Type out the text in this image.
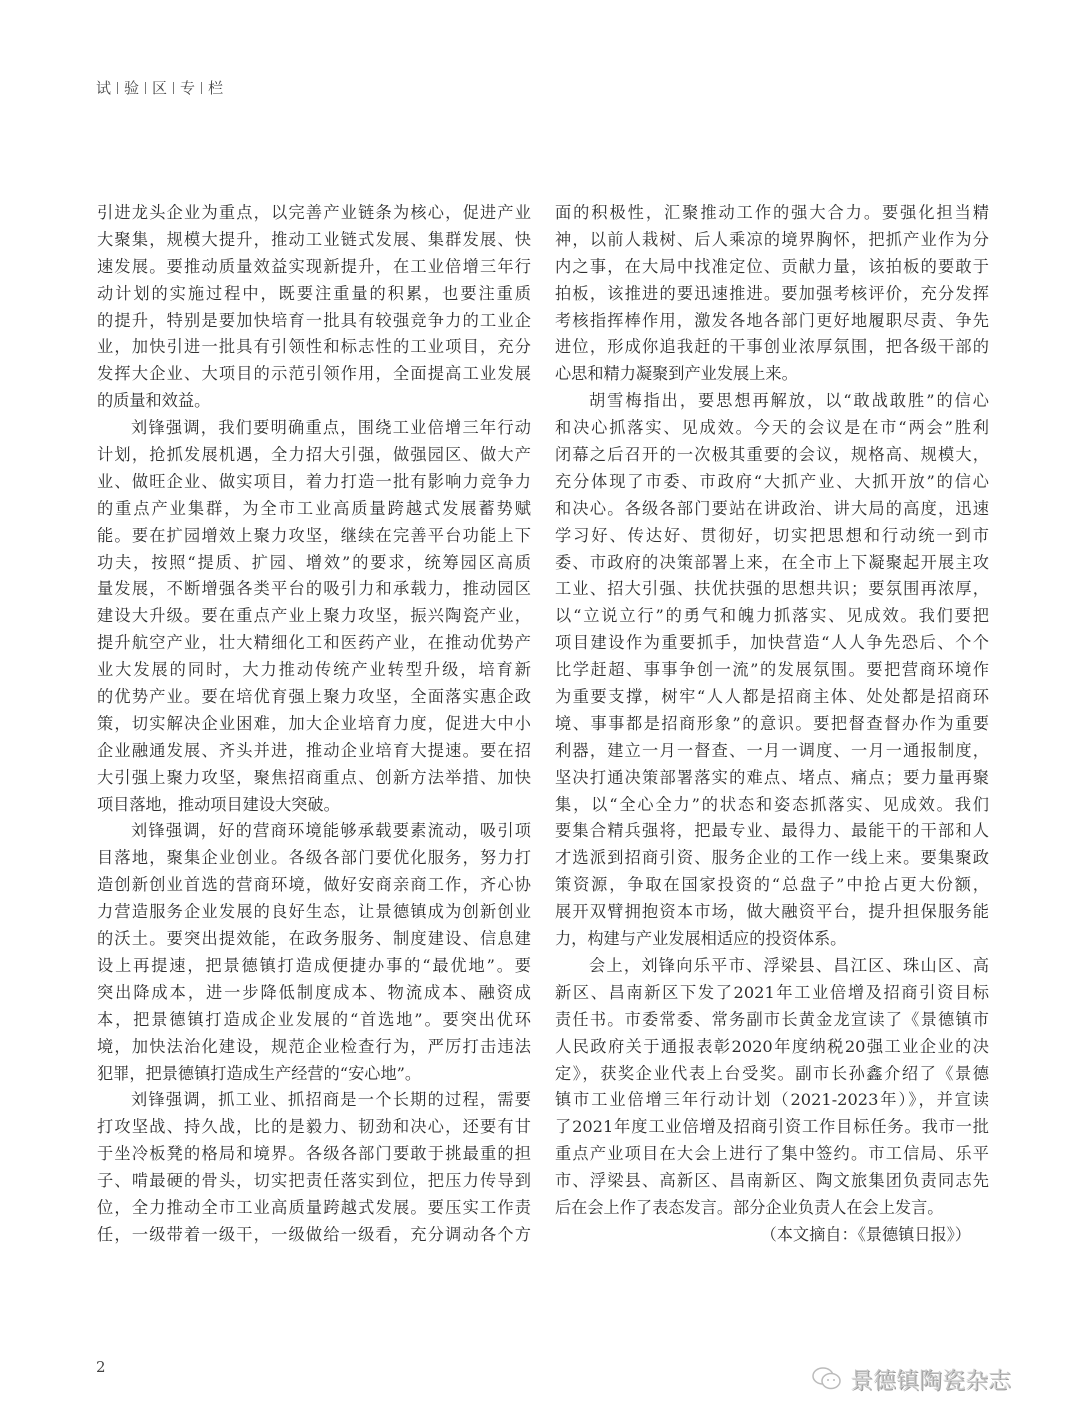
试 验 区 专 栏
引进龙头企业为重点，以完善产业链条为核心，促进产业
大聚集，规模大提升，推动工业链式发展、集群发展、快
速发展。要推动质量效益实现新提升，在工业倍增三年行
动计划的实施过程中，既要注重量的积累，也要注重质
的提升，特别是要加快培育一批具有较强竞争力的工业企
业，加快引进一批具有引领性和标志性的工业项目，充分
发挥大企业、大项目的示范引领作用，全面提高工业发展
的质量和效益。
刘锋强调，我们要明确重点，围绕工业倍增三年行动
计划，抢抓发展机遇，全力招大引强，做强园区、做大产
业、做旺企业、做实项目，着力打造一批有影响力竞争力
的重点产业集群，为全市工业高质量跨越式发展蓄势赋
能。要在扩园增效上聚力攻坚，继续在完善平台功能上下
功夫，按照“提质、扩园、增效”的要求，统筹园区高质
量发展，不断增强各类平台的吸引力和承载力，推动园区
建设大升级。要在重点产业上聚力攻坚，振兴陶瓷产业，
提升航空产业，壮大精细化工和医药产业，在推动优势产
业大发展的同时，大力推动传统产业转型升级，培育新
的优势产业。要在培优育强上聚力攻坚，全面落实惠企政
策，切实解决企业困难，加大企业培育力度，促进大中小
企业融通发展、齐头并进，推动企业培育大提速。要在招
大引强上聚力攻坚，聚焦招商重点、创新方法举措、加快
项目落地，推动项目建设大突破。
刘锋强调，好的营商环境能够承载要素流动，吸引项
目落地，聚集企业创业。各级各部门要优化服务，努力打
造创新创业首选的营商环境，做好安商亲商工作，齐心协
力营造服务企业发展的良好生态，让景德镇成为创新创业
的沃土。要突出提效能，在政务服务、制度建设、信息建
设上再提速，把景德镇打造成便捷办事的“最优地”。要
突出降成本，进一步降低制度成本、物流成本、融资成
本，把景德镇打造成企业发展的“首选地”。要突出优环
境，加快法治化建设，规范企业检查行为，严厉打击违法
犯罪，把景德镇打造成生产经营的“安心地”。
刘锋强调，抓工业、抓招商是一个长期的过程，需要
打攻坚战、持久战，比的是毅力、韧劲和决心，还要有甘
于坐冷板凳的格局和境界。各级各部门要敢于挑最重的担
子、啃最硬的骨头，切实把责任落实到位，把压力传导到
位，全力推动全市工业高质量跨越式发展。要压实工作责
任，一级带着一级干，一级做给一级看，充分调动各个方
面的积极性，汇聚推动工作的强大合力。要强化担当精
神，以前人栽树、后人乘凉的境界胸怀，把抓产业作为分
内之事，在大局中找准定位、贡献力量，该拍板的要敢于
拍板，该推进的要迅速推进。要加强考核评价，充分发挥
考核指挥棒作用，激发各地各部门更好地履职尽责、争先
进位，形成你追我赶的干事创业浓厚氛围，把各级干部的
心思和精力凝聚到产业发展上来。
胡雪梅指出，要思想再解放，以“敢战敢胜”的信心
和决心抓落实、见成效。今天的会议是在市“两会”胜利
闭幕之后召开的一次极其重要的会议，规格高、规模大，
充分体现了市委、市政府“大抓产业、大抓开放”的信心
和决心。各级各部门要站在讲政治、讲大局的高度，迅速
学习好、传达好、贯彻好，切实把思想和行动统一到市
委、市政府的决策部署上来，在全市上下凝聚起开展主攻
工业、招大引强、扶优扶强的思想共识；要氛围再浓厚，
以“立说立行”的勇气和魄力抓落实、见成效。我们要把
项目建设作为重要抓手，加快营造“人人争先恐后、个个
比学赶超、事事争创一流”的发展氛围。要把营商环境作
为重要支撑，树牢“人人都是招商主体、处处都是招商环
境、事事都是招商形象”的意识。要把督查督办作为重要
利器，建立一月一督查、一月一调度、一月一通报制度，
坚决打通决策部署落实的难点、堵点、痛点；要力量再聚
集，以“全心全力”的状态和姿态抓落实、见成效。我们
要集合精兵强将，把最专业、最得力、最能干的干部和人
才选派到招商引资、服务企业的工作一线上来。要集聚政
策资源，争取在国家投资的“总盘子”中抢占更大份额，
展开双臂拥抱资本市场，做大融资平台，提升担保服务能
力，构建与产业发展相适应的投资体系。
会上，刘锋向乐平市、浮梁县、昌江区、珠山区、高
新区、昌南新区下发了2021年工业倍增及招商引资目标
责任书。市委常委、常务副市长黄金龙宣读了《景德镇市
人民政府关于通报表彰2020年度纳税20强工业企业的决
定》，获奖企业代表上台受奖。副市长孙鑫介绍了《景德
镇市工业倍增三年行动计划（2021-2023年）》，并宣读
了2021年度工业倍增及招商引资工作目标任务。我市一批
重点产业项目在大会上进行了集中签约。市工信局、乐平
市、浮梁县、高新区、昌南新区、陶文旅集团负责同志先
后在会上作了表态发言。部分企业负责人在会上发言。
（本文摘自：《景德镇日报》）
2
景德镇陶瓷杂志
